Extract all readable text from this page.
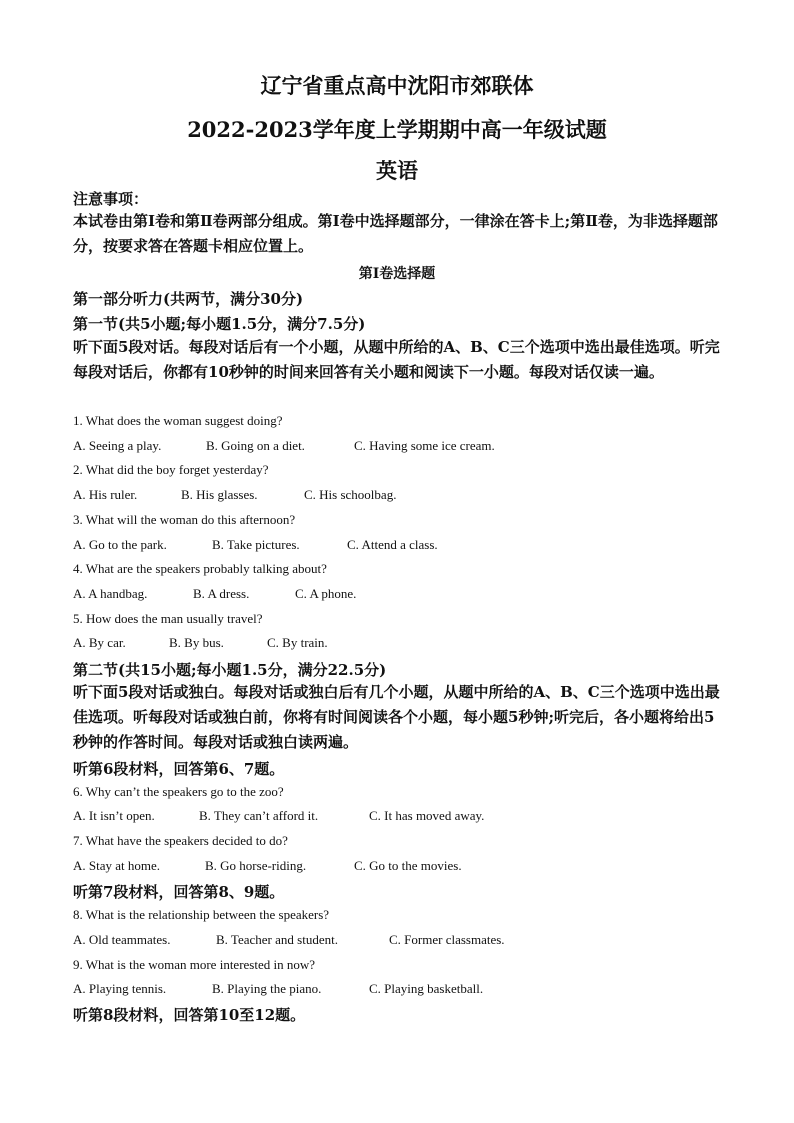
辽宁省重点高中沈阳市郊联体
2022-2023学年度上学期期中高一年级试题
英语
注意事项：
本试卷由第Ⅰ卷和第Ⅱ卷两部分组成。第Ⅰ卷中选择题部分，一律涂在答卡上;第Ⅱ卷，为非选择题部分，按要求答在答题卡相应位置上。
第Ⅰ卷选择题
第一部分听力(共两节，满分30分)
第一节(共5小题;每小题1.5分，满分7.5分)
听下面5段对话。每段对话后有一个小题，从题中所给的A、B、C三个选项中选出最佳选项。听完每段对话后，你都有10秒钟的时间来回答有关小题和阅读下一小题。每段对话仅读一遍。
1. What does the woman suggest doing?
A. Seeing a play.	B. Going on a diet.	C. Having some ice cream.
2. What did the boy forget yesterday?
A. His ruler.	B. His glasses.	C. His schoolbag.
3. What will the woman do this afternoon?
A. Go to the park.	B. Take pictures.	C. Attend a class.
4. What are the speakers probably talking about?
A. A handbag.	B. A dress.	C. A phone.
5. How does the man usually travel?
A. By car.	B. By bus.	C. By train.
第二节(共15小题;每小题1.5分，满分22.5分)
听下面5段对话或独白。每段对话或独白后有几个小题，从题中所给的A、B、C三个选项中选出最佳选项。听每段对话或独白前，你将有时间阅读各个小题，每小题5秒钟;听完后，各小题将给出5秒钟的作答时间。每段对话或独白读两遍。
听第6段材料，回答第6、7题。
6. Why can’t the speakers go to the zoo?
A. It isn’t open.	B. They can’t afford it.	C. It has moved away.
7. What have the speakers decided to do?
A. Stay at home.	B. Go horse-riding.	C. Go to the movies.
听第7段材料，回答第8、9题。
8. What is the relationship between the speakers?
A. Old teammates.	B. Teacher and student.	C. Former classmates.
9. What is the woman more interested in now?
A. Playing tennis.	B. Playing the piano.	C. Playing basketball.
听第8段材料，回答第10至12题。
